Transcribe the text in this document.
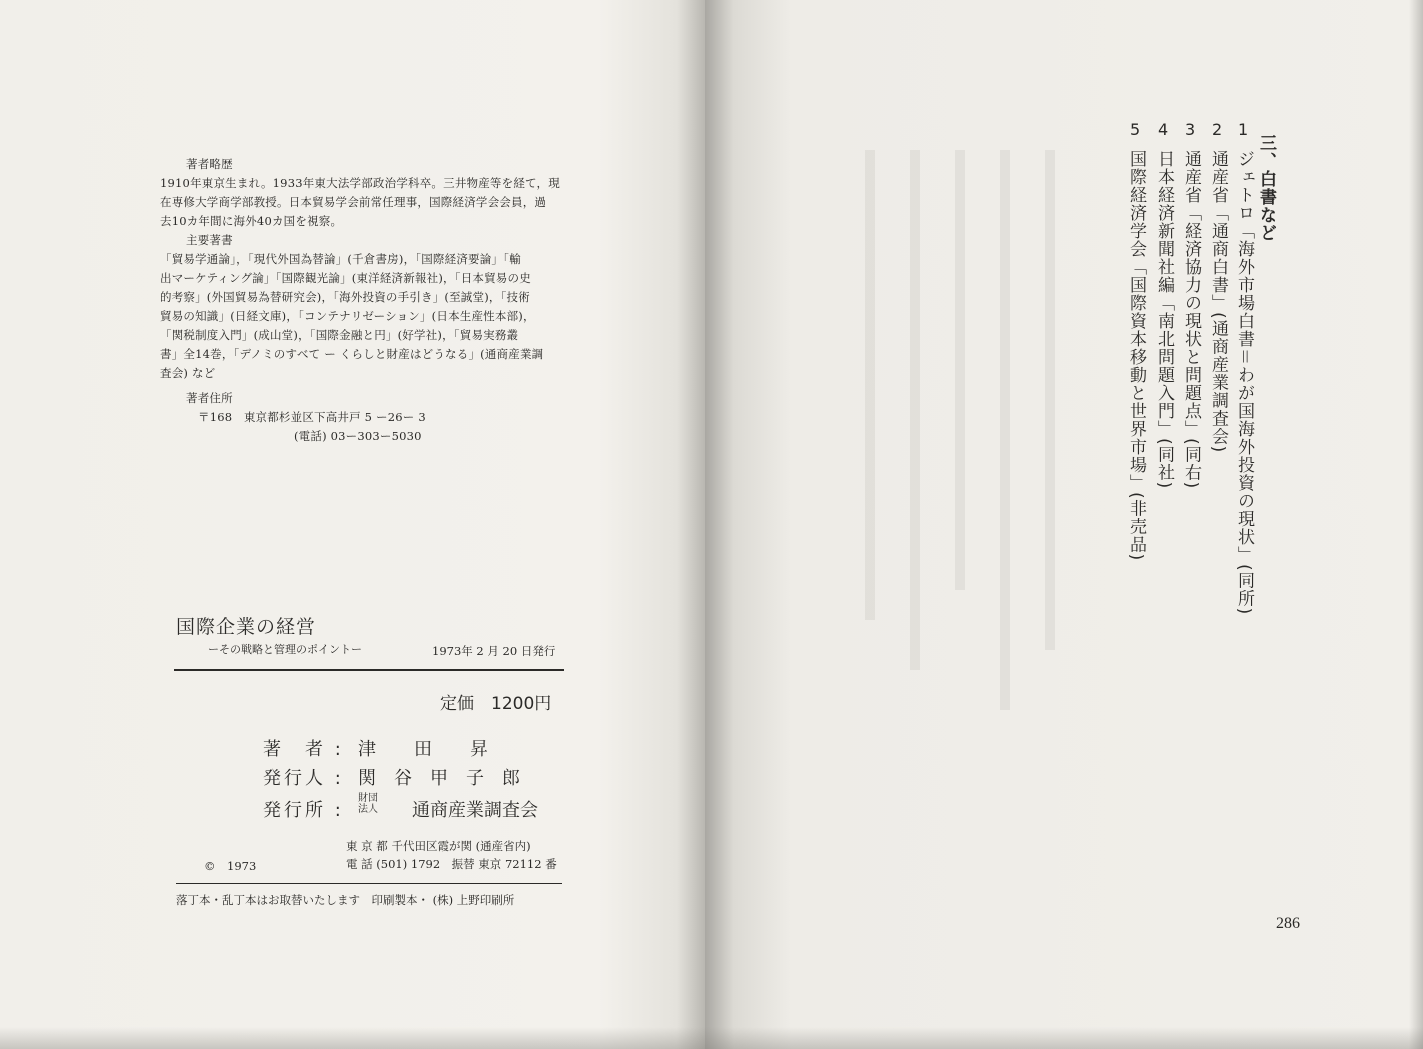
著者略歴
1910年東京生まれ。1933年東大法学部政治学科卒。三井物産等を経て，現
在専修大学商学部教授。日本貿易学会前常任理事，国際経済学会会員，過
去10カ年間に海外40カ国を視察。
主要著書
「貿易学通論」，「現代外国為替論」(千倉書房)，「国際経済要論」「輸
出マーケティング論」「国際観光論」(東洋経済新報社)，「日本貿易の史
的考察」(外国貿易為替研究会)，「海外投資の手引き」(至誠堂)，「技術
貿易の知識」(日経文庫)，「コンテナリゼーション」(日本生産性本部)，
「関税制度入門」(成山堂)，「国際金融と円」(好学社)，「貿易実務叢
書」全14巻，「デノミのすべて ー くらしと財産はどうなる」(通商産業調
査会) など
著者住所
〒168 東京都杉並区下高井戸 5 ー26ー 3
(電話) 03ー303ー5030
国際企業の経営
ーその戦略と管理のポイントー	1973年 2 月 20 日発行
定価　1200円
著　者 : 津田昇
発行人 : 関谷甲子郎
発行所 :
財団法人	通商産業調査会
東 京 都 千代田区霞が関 (通産省内)
電 話 (501) 1792　振替 東京 72112 番
©　1973
落丁本・乱丁本はお取替いたします　印刷製本・ (株) 上野印刷所
三、白書など
1
ジェトロ「海外市場白書＝わが国海外投資の現状」(同所)
2
通産省「通商白書」(通商産業調査会)
3
通産省「経済協力の現状と問題点」(同右)
4
日本経済新聞社編「南北問題入門」(同社)
5
国際経済学会「国際資本移動と世界市場」(非売品)
286
